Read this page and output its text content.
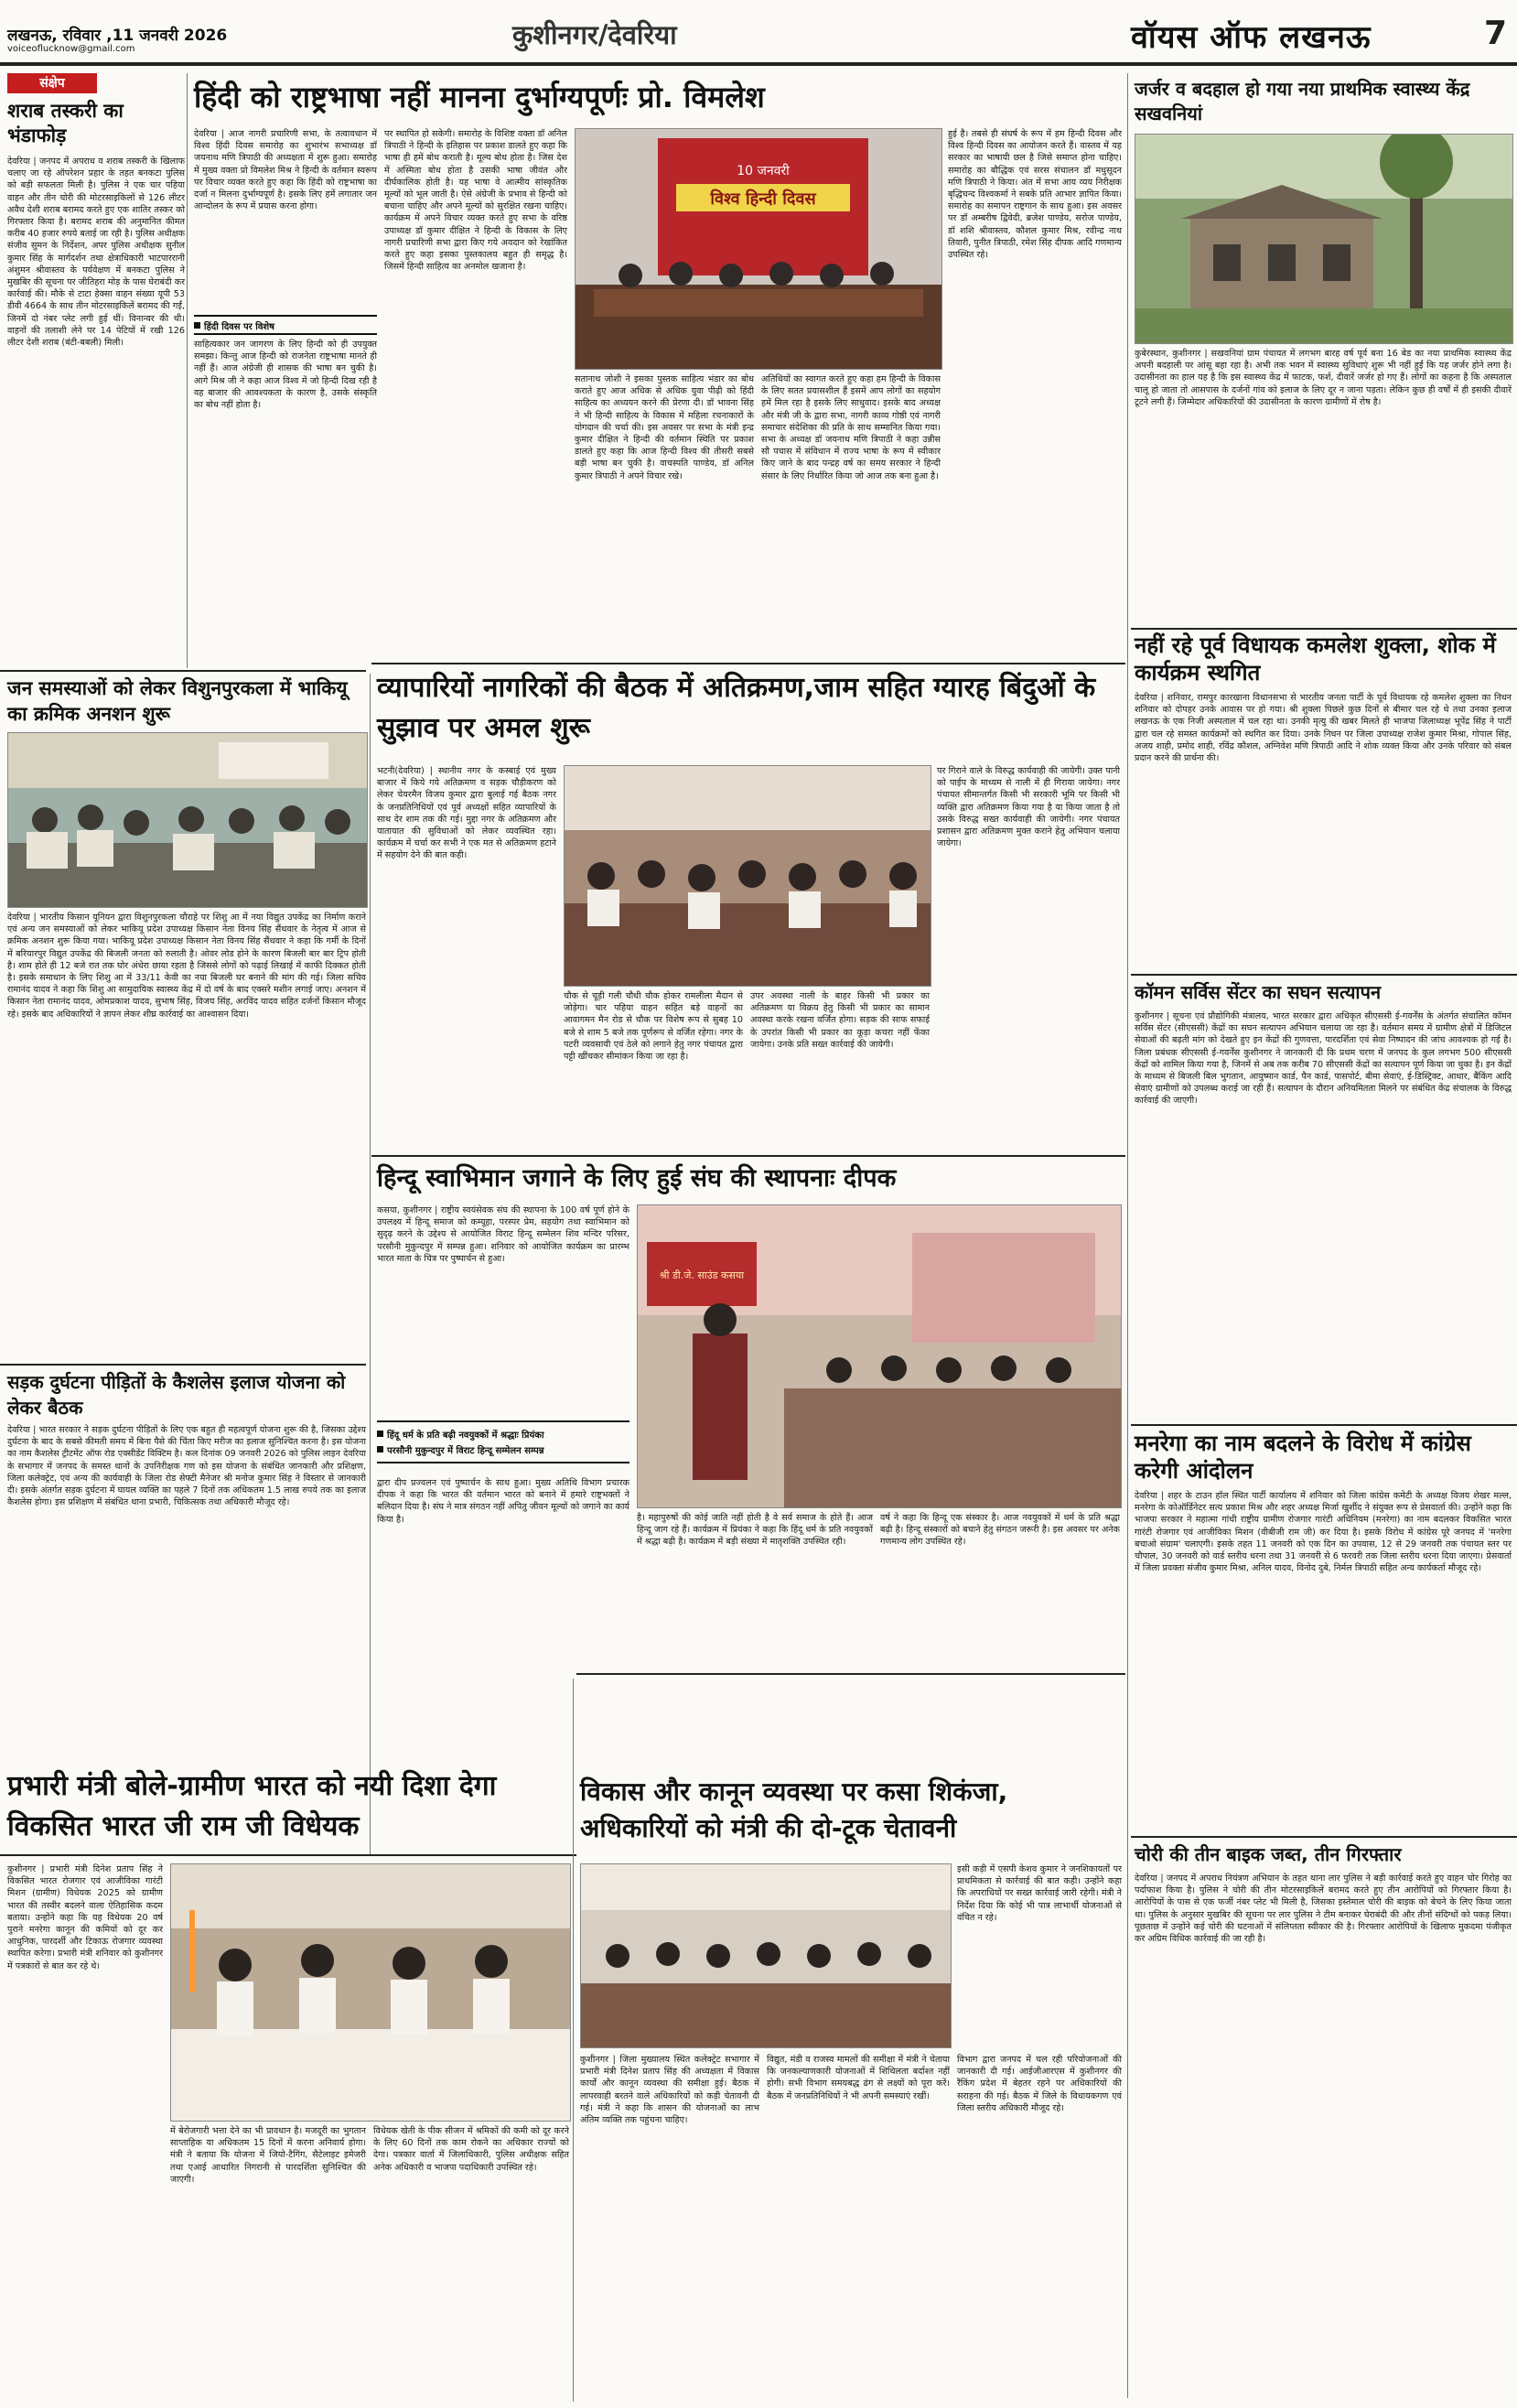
लखनऊ, रविवार ,11 जनवरी 2026
voiceoflucknow@gmail.com	कुशीनगर/देवरिया	वॉयस ऑफ लखनऊ	7
संक्षेप
शराब तस्करी का भंडाफोड़
देवरिया | जनपद में अपराध व शराब तस्करी के खिलाफ चलाए जा रहे ऑपरेशन प्रहार के तहत बनकटा पुलिस को बड़ी सफलता मिली है। पुलिस ने एक चार पहिया वाहन और तीन चोरी की मोटरसाइकिलों से 126 लीटर अवैध देशी शराब बरामद करते हुए एक शातिर तस्कर को गिरफ्तार किया है। बरामद शराब की अनुमानित कीमत करीब 40 हजार रुपये बताई जा रही है। पुलिस अधीक्षक संजीव सुमन के निर्देशन, अपर पुलिस अधीक्षक सुनील कुमार सिंह के मार्गदर्शन तथा क्षेत्राधिकारी भाटपाररानी अंशुमन श्रीवास्तव के पर्यवेक्षण में बनकटा पुलिस ने मुखबिर की सूचना पर जीतिहरा मोड़ के पास घेराबंदी कर कार्रवाई की। मौके से टाटा हेक्सा वाहन संख्या यूपी 53 डीवी 4664 के साथ तीन मोटरसाइकिलें बरामद की गईं, जिनमें दो नंबर प्लेट लगी हुई थीं। विनान्वर की थी। वाहनों की तलाशी लेने पर 14 पेटियों में रखी 126 लीटर देशी शराब (बंटी-बबली) मिली।
जन समस्याओं को लेकर विशुनपुरकला में भाकियू का क्रमिक अनशन शुरू
देवरिया | भारतीय किसान यूनियन द्वारा विशुनपुरकला चौराहे पर शिशु आ में नया विद्युत उपकेंद्र का निर्माण कराने एवं अन्य जन समस्याओं को लेकर भाकियू प्रदेश उपाध्यक्ष किसान नेता विनय सिंह सैंथवार के नेतृत्व में आज से क्रमिक अनशन शुरू किया गया। भाकियू प्रदेश उपाध्यक्ष किसान नेता विनय सिंह सैंथवार ने कहा कि गर्मी के दिनों में बरियारपुर विद्युत उपकेंद्र की बिजली जनता को रुलाती है। ओवर लोड होने के कारण बिजली बार बार ट्रिप होती है। शाम होते ही 12 बजे रात तक घोर अंधेरा छाया रहता है जिससे लोगों को पढ़ाई लिखाई में काफी दिक्कत होती है। इसके समाधान के लिए शिशु आ में 33/11 केवी का नया बिजली घर बनाने की मांग की गई। जिला सचिव रामानंद यादव ने कहा कि शिशु आ सामुदायिक स्वास्थ्य केंद्र में दो वर्ष के बाद एक्सरे मशीन लगाई जाए। अनशन में किसान नेता रामानंद यादव, ओमप्रकाश यादव, सुभाष सिंह, विजय सिंह, अरविंद यादव सहित दर्जनों किसान मौजूद रहे। इसके बाद अधिकारियों ने ज्ञापन लेकर शीघ्र कार्रवाई का आश्वासन दिया।
सड़क दुर्घटना पीड़ितों के कैशलेस इलाज योजना को लेकर बैठक
देवरिया | भारत सरकार ने सड़क दुर्घटना पीड़ितों के लिए एक बहुत ही महत्वपूर्ण योजना शुरू की है, जिसका उद्देश्य दुर्घटना के बाद के सबसे कीमती समय में बिना पैसे की चिंता किए मरीज का इलाज सुनिश्चित करना है। इस योजना का नाम कैशलेस ट्रीटमेंट ऑफ रोड एक्सीडेंट विक्टिम है। कल दिनांक 09 जनवरी 2026 को पुलिस लाइन देवरिया के सभागार में जनपद के समस्त थानों के उपनिरीक्षक गण को इस योजना के संबंधित जानकारी और प्रशिक्षण, जिला कलेक्ट्रेट, एवं अन्य की कार्यवाही के जिला रोड सेफ्टी मैनेजर श्री मनोज कुमार सिंह ने विस्तार से जानकारी दी। इसके अंतर्गत सड़क दुर्घटना में घायल व्यक्ति का पहले 7 दिनों तक अधिकतम 1.5 लाख रुपये तक का इलाज कैशलेस होगा। इस प्रशिक्षण में संबंधित थाना प्रभारी, चिकित्सक तथा अधिकारी मौजूद रहे।
हिंदी को राष्ट्रभाषा नहीं मानना दुर्भाग्यपूर्णः प्रो. विमलेश
देवरिया | आज नागरी प्रचारिणी सभा, के तत्वावधान में विश्व हिंदी दिवस समारोह का शुभारंभ सभाध्यक्ष डॉ जयनाथ मणि त्रिपाठी की अध्यक्षता में शुरू हुआ। समारोह में मुख्य वक्ता प्रो विमलेश मिश्र ने हिन्दी के वर्तमान स्वरूप पर विचार व्यक्त करते हुए कहा कि हिंदी को राष्ट्रभाषा का दर्जा न मिलना दुर्भाग्यपूर्ण है। इसके लिए हमें लगातार जन आन्दोलन के रूप में प्रयास करना होगा।
हिंदी दिवस पर विशेष
साहित्यकार जन जागरण के लिए हिन्दी को ही उपयुक्त समझा। किन्तु आज हिन्दी को राजनेता राष्ट्रभाषा मानते ही नहीं हैं। आज अंग्रेजी ही शासक की भाषा बन चुकी है। आगे मिश्र जी ने कहा आज विश्व में जो हिन्दी दिख रही है वह बाजार की आवश्यकता के कारण है, उसके संस्कृति का बोध नहीं होता है।
पर स्थापित हो सकेगी। समारोह के विशिष्ट वक्ता डॉ अनिल त्रिपाठी ने हिन्दी के इतिहास पर प्रकाश डालते हुए कहा कि भाषा ही हमें बोध कराती है। मूल्य बोध होता है। जिस देश में अस्मिता बोध होता है उसकी भाषा जीवंत और दीर्घकालिक होती है। यह भाषा वे आत्मीय सांस्कृतिक मूल्यों को भूल जाती है। ऐसे अंग्रेजी के प्रभाव से हिन्दी को बचाना चाहिए और अपने मूल्यों को सुरक्षित रखना चाहिए। कार्यक्रम में अपने विचार व्यक्त करते हुए सभा के वरिष्ठ उपाध्यक्ष डॉ कुमार दीक्षित ने हिन्दी के विकास के लिए नागरी प्रचारिणी सभा द्वारा किए गये अवदान को रेखांकित करते हुए कहा इसका पुस्तकालय बहुत ही समृद्ध है। जिसमें हिन्दी साहित्य का अनमोल खजाना है।
विश्व हिन्दी दिवस
10 जनवरी
सतानाथ जोशी ने इसका पुस्तक साहित्य भंडार का बोध कराते हुए आज अधिक से अधिक युवा पीढ़ी को हिंदी साहित्य का अध्ययन करने की प्रेरणा दी। डॉ भावना सिंह ने भी हिन्दी साहित्य के विकास में महिला रचनाकारों के योगदान की चर्चा की। इस अवसर पर सभा के मंत्री इन्द्र कुमार दीक्षित ने हिन्दी की वर्तमान स्थिति पर प्रकाश डालते हुए कहा कि आज हिन्दी विश्व की तीसरी सबसे बड़ी भाषा बन चुकी है। वाचस्पति पाण्डेय, डॉ अनिल कुमार त्रिपाठी ने अपने विचार रखे।
अतिथियों का स्वागत करते हुए कहा हम हिन्दी के विकास के लिए सतत प्रयासशील हैं इसमें आप लोगों का सहयोग हमें मिल रहा है इसके लिए साधुवाद। इसके बाद अध्यक्ष और मंत्री जी के द्वारा सभा, नागरी काव्य गोष्ठी एवं नागरी समाचार संदेशिका की प्रति के साथ सम्मानित किया गया। सभा के अध्यक्ष डॉ जयनाथ मणि त्रिपाठी ने कहा उन्नीस सौ पचास में संविधान में राज्य भाषा के रूप में स्वीकार किए जाने के बाद पन्द्रह वर्ष का समय सरकार ने हिन्दी संसार के लिए निर्धारित किया जो आज तक बना हुआ है।
हुई है। तबसे ही संघर्ष के रूप में हम हिन्दी दिवस और विश्व हिन्दी दिवस का आयोजन करते हैं। वास्तव में यह सरकार का भाषायी छल है जिसे समाप्त होना चाहिए। समारोह का बौद्धिक एवं सरस संचालन डॉ मधुसूदन मणि त्रिपाठी ने किया। अंत में सभा आय व्यय निरीक्षक बृद्धिचन्द विश्वकर्मा ने सबके प्रति आभार ज्ञापित किया। समारोह का समापन राष्ट्रगान के साथ हुआ। इस अवसर पर डॉ अम्बरीष द्विवेदी, ब्रजेश पाण्डेय, सरोज पाण्डेय, डॉ शशि श्रीवास्तव, कौशल कुमार मिश्र, रवीन्द्र नाथ तिवारी, पुनीत त्रिपाठी, रमेश सिंह दीपक आदि गणमान्य उपस्थित रहे।
व्यापारियों नागरिकों की बैठक में अतिक्रमण,जाम सहित ग्यारह बिंदुओं के सुझाव पर अमल शुरू
भटनी(देवरिया) | स्थानीय नगर के कस्बाई एवं मुख्य बाजार में किये गये अतिक्रमण व सड़क चौड़ीकरण को लेकर चेयरमैन विजय कुमार द्वारा बुलाई गई बैठक नगर के जनप्रतिनिधियों एवं पूर्व अध्यक्षों सहित व्यापारियों के साथ देर शाम तक की गई। मुद्दा नगर के अतिक्रमण और यातायात की सुविधाओं को लेकर व्यवस्थित रहा। कार्यक्रम में चर्चा कर सभी ने एक मत से अतिक्रमण हटाने में सहयोग देने की बात कही।
चौक से चूड़ी गली चौधी चौक होकर रामलीला मैदान से जोड़ेगा। चार पहिया वाहन सहित बड़े वाहनों का आवागमन मैन रोड से चौक पर विशेष रूप से सुबह 10 बजे से शाम 5 बजे तक पूर्णरूप से वर्जित रहेगा। नगर के पटरी व्यवसायी एवं ठेले को लगाने हेतु नगर पंचायत द्वारा पट्टी खींचकर सीमांकन किया जा रहा है।
उपर अवस्था नाली के बाहर किसी भी प्रकार का अतिक्रमण या विक्रय हेतु किसी भी प्रकार का सामान अवस्था करके रखना वर्जित होगा। सड़क की साफ सफाई के उपरांत किसी भी प्रकार का कूड़ा कचरा नहीं फेंका जायेगा। उनके प्रति सख्त कार्रवाई की जायेगी।
पर गिराने वाले के विरुद्ध कार्यवाही की जायेगी। उक्त पानी को पाईप के माध्यम से नाली में ही गिराया जायेगा। नगर पंचायत सीमान्तर्गत किसी भी सरकारी भूमि पर किसी भी व्यक्ति द्वारा अतिक्रमण किया गया है या किया जाता है तो उसके विरुद्ध सख्त कार्यवाही की जायेगी। नगर पंचायत प्रशासन द्वारा अतिक्रमण मुक्त कराने हेतु अभियान चलाया जायेगा।
हिन्दू स्वाभिमान जगाने के लिए हुई संघ की स्थापनाः दीपक
कसया, कुशीनगर | राष्ट्रीय स्वयंसेवक संघ की स्थापना के 100 वर्ष पूर्ण होने के उपलक्ष्य में हिन्दू समाज को कम्यूहा, परस्पर प्रेम, सहयोग तथा स्वाभिमान को सुदृढ़ करने के उद्देश्य से आयोजित विराट हिन्दू सम्मेलन शिव मन्दिर परिसर, परसौनी मुकुन्दपुर में सम्पन्न हुआ। शनिवार को आयोजित कार्यक्रम का प्रारम्भ भारत माता के चित्र पर पुष्पार्चन से हुआ।
हिंदू धर्म के प्रति बढ़ी नवयुवकों में श्रद्धाः प्रियंका
परसौनी मुकुन्दपुर में विराट हिन्दू सम्मेलन सम्पन्न
द्वारा दीप प्रज्वलन एवं पुष्पार्चन के साथ हुआ। मुख्य अतिथि विभाग प्रचारक दीपक ने कहा कि भारत की वर्तमान भारत को बनाने में हमारे राष्ट्रभक्तों ने बलिदान दिया है। संघ ने मात्र संगठन नहीं अपितु जीवन मूल्यों को जगाने का कार्य किया है।
श्री डी.जे. साउंड कसया
है। महापुरुषों की कोई जाति नहीं होती है वे सर्व समाज के होते हैं। आज हिन्दू जाग रहे हैं। कार्यक्रम में प्रियंका ने कहा कि हिंदू धर्म के प्रति नवयुवकों में श्रद्धा बढ़ी है। कार्यक्रम में बड़ी संख्या में मातृशक्ति उपस्थित रही।
वर्ष ने कहा कि हिन्दू एक संस्कार है। आज नवयुवकों में धर्म के प्रति श्रद्धा बढ़ी है। हिन्दू संस्कारों को बचाने हेतु संगठन जरूरी है। इस अवसर पर अनेक गणमान्य लोग उपस्थित रहे।
प्रभारी मंत्री बोले-ग्रामीण भारत को नयी दिशा देगा विकसित भारत जी राम जी विधेयक
कुशीनगर | प्रभारी मंत्री दिनेश प्रताप सिंह ने विकसित भारत रोजगार एवं आजीविका गारंटी मिशन (ग्रामीण) विधेयक 2025 को ग्रामीण भारत की तस्वीर बदलने वाला ऐतिहासिक कदम बताया। उन्होंने कहा कि यह विधेयक 20 वर्ष पुराने मनरेगा कानून की कमियों को दूर कर आधुनिक, पारदर्शी और टिकाऊ रोजगार व्यवस्था स्थापित करेगा। प्रभारी मंत्री शनिवार को कुशीनगर में पत्रकारों से बात कर रहे थे।
में बेरोजगारी भत्ता देने का भी प्रावधान है। मजदूरी का भुगतान साप्ताहिक या अधिकतम 15 दिनों में करना अनिवार्य होगा। मंत्री ने बताया कि योजना में जियो-टैगिंग, सैटेलाइट इमेजरी तथा एआई आधारित निगरानी से पारदर्शिता सुनिश्चित की जाएगी।
विधेयक खेती के पीक सीजन में श्रमिकों की कमी को दूर करने के लिए 60 दिनों तक काम रोकने का अधिकार राज्यों को देगा। पत्रकार वार्ता में जिलाधिकारी, पुलिस अधीक्षक सहित अनेक अधिकारी व भाजपा पदाधिकारी उपस्थित रहे।
विकास और कानून व्यवस्था पर कसा शिकंजा, अधिकारियों को मंत्री की दो-टूक चेतावनी
कुशीनगर | जिला मुख्यालय स्थित कलेक्ट्रेट सभागार में प्रभारी मंत्री दिनेश प्रताप सिंह की अध्यक्षता में विकास कार्यों और कानून व्यवस्था की समीक्षा हुई। बैठक में लापरवाही बरतने वाले अधिकारियों को कड़ी चेतावनी दी गई। मंत्री ने कहा कि शासन की योजनाओं का लाभ अंतिम व्यक्ति तक पहुंचना चाहिए।
विद्युत, मंडी व राजस्व मामलों की समीक्षा में मंत्री ने चेताया कि जनकल्याणकारी योजनाओं में शिथिलता बर्दाश्त नहीं होगी। सभी विभाग समयबद्ध ढंग से लक्ष्यों को पूरा करें। बैठक में जनप्रतिनिधियों ने भी अपनी समस्याएं रखीं।
इसी कड़ी में एसपी केशव कुमार ने जनशिकायतों पर प्राथमिकता से कार्रवाई की बात कही। उन्होंने कहा कि अपराधियों पर सख्त कार्रवाई जारी रहेगी। मंत्री ने निर्देश दिया कि कोई भी पात्र लाभार्थी योजनाओं से वंचित न रहे।
विभाग द्वारा जनपद में चल रही परियोजनाओं की जानकारी दी गई। आईजीआरएस में कुशीनगर की रैंकिंग प्रदेश में बेहतर रहने पर अधिकारियों की सराहना की गई। बैठक में जिले के विधायकगण एवं जिला स्तरीय अधिकारी मौजूद रहे।
जर्जर व बदहाल हो गया नया प्राथमिक स्वास्थ्य केंद्र सखवनियां
कुबेरस्थान, कुशीनगर | सखवनियां ग्राम पंचायत में लगभग बारह वर्ष पूर्व बना 16 बेड का नया प्राथमिक स्वास्थ्य केंद्र अपनी बदहाली पर आंसू बहा रहा है। अभी तक भवन में स्वास्थ्य सुविधाएं शुरू भी नहीं हुईं कि यह जर्जर होने लगा है। उदासीनता का हाल यह है कि इस स्वास्थ्य केंद्र में फाटक, फर्श, दीवारें जर्जर हो गए हैं। लोगों का कहना है कि अस्पताल चालू हो जाता तो आसपास के दर्जनों गांव को इलाज के लिए दूर न जाना पड़ता। लेकिन कुछ ही वर्षों में ही इसकी दीवारें टूटने लगी हैं। जिम्मेदार अधिकारियों की उदासीनता के कारण ग्रामीणों में रोष है।
नहीं रहे पूर्व विधायक कमलेश शुक्ला, शोक में कार्यक्रम स्थगित
देवरिया | शनिवार, रामपुर कारखाना विधानसभा से भारतीय जनता पार्टी के पूर्व विधायक रहे कमलेश शुक्ला का निधन शनिवार को दोपहर उनके आवास पर हो गया। श्री शुक्ला पिछले कुछ दिनों से बीमार चल रहे थे तथा उनका इलाज लखनऊ के एक निजी अस्पताल में चल रहा था। उनकी मृत्यु की खबर मिलते ही भाजपा जिलाध्यक्ष भूपेंद्र सिंह ने पार्टी द्वारा चल रहे समस्त कार्यक्रमों को स्थगित कर दिया। उनके निधन पर जिला उपाध्यक्ष राजेश कुमार मिश्रा, गोपाल सिंह, अजय शाही, प्रमोद शाही, रविंद्र कौशल, अग्निवेश मणि त्रिपाठी आदि ने शोक व्यक्त किया और उनके परिवार को संबल प्रदान करने की प्रार्थना की।
कॉमन सर्विस सेंटर का सघन सत्यापन
कुशीनगर | सूचना एवं प्रौद्योगिकी मंत्रालय, भारत सरकार द्वारा अधिकृत सीएससी ई-गवर्नेंस के अंतर्गत संचालित कॉमन सर्विस सेंटर (सीएससी) केंद्रों का सघन सत्यापन अभियान चलाया जा रहा है। वर्तमान समय में ग्रामीण क्षेत्रों में डिजिटल सेवाओं की बढ़ती मांग को देखते हुए इन केंद्रों की गुणवत्ता, पारदर्शिता एवं सेवा निष्पादन की जांच आवश्यक हो गई है। जिला प्रबंधक सीएससी ई-गवर्नेंस कुशीनगर ने जानकारी दी कि प्रथम चरण में जनपद के कुल लगभग 500 सीएससी केंद्रों को शामिल किया गया है, जिनमें से अब तक करीब 70 सीएससी केंद्रों का सत्यापन पूर्ण किया जा चुका है। इन केंद्रों के माध्यम से बिजली बिल भुगतान, आयुष्मान कार्ड, पैन कार्ड, पासपोर्ट, बीमा सेवाएं, ई-डिस्ट्रिक्ट, आधार, बैंकिंग आदि सेवाएं ग्रामीणों को उपलब्ध कराई जा रही हैं। सत्यापन के दौरान अनियमितता मिलने पर संबंधित केंद्र संचालक के विरुद्ध कार्रवाई की जाएगी।
मनरेगा का नाम बदलने के विरोध में कांग्रेस करेगी आंदोलन
देवरिया | शहर के टाउन हॉल स्थित पार्टी कार्यालय में शनिवार को जिला कांग्रेस कमेटी के अध्यक्ष विजय शेखर मल्ल, मनरेगा के कोऑर्डिनेटर सत्य प्रकाश मिश्र और शहर अध्यक्ष मिर्जा खुर्शीद ने संयुक्त रूप से प्रेसवार्ता की। उन्होंने कहा कि भाजपा सरकार ने महात्मा गांधी राष्ट्रीय ग्रामीण रोजगार गारंटी अधिनियम (मनरेगा) का नाम बदलकर विकसित भारत गारंटी रोजगार एवं आजीविका मिशन (वीबीजी राम जी) कर दिया है। इसके विरोध में कांग्रेस पूरे जनपद में 'मनरेगा बचाओ संग्राम' चलाएगी। इसके तहत 11 जनवरी को एक दिन का उपवास, 12 से 29 जनवरी तक पंचायत स्तर पर चौपाल, 30 जनवरी को वार्ड स्तरीय धरना तथा 31 जनवरी से 6 फरवरी तक जिला स्तरीय धरना दिया जाएगा। प्रेसवार्ता में जिला प्रवक्ता संजीव कुमार मिश्रा, अनिल यादव, विनोद दुबे, निर्मल त्रिपाठी सहित अन्य कार्यकर्ता मौजूद रहे।
चोरी की तीन बाइक जब्त, तीन गिरफ्तार
देवरिया | जनपद में अपराध नियंत्रण अभियान के तहत थाना लार पुलिस ने बड़ी कार्रवाई करते हुए वाहन चोर गिरोह का पर्दाफाश किया है। पुलिस ने चोरी की तीन मोटरसाइकिलें बरामद करते हुए तीन आरोपियों को गिरफ्तार किया है। आरोपियों के पास से एक फर्जी नंबर प्लेट भी मिली है, जिसका इस्तेमाल चोरी की बाइक को बेचने के लिए किया जाता था। पुलिस के अनुसार मुखबिर की सूचना पर लार पुलिस ने टीम बनाकर घेराबंदी की और तीनों संदिग्धों को पकड़ लिया। पूछताछ में उन्होंने कई चोरी की घटनाओं में संलिप्तता स्वीकार की है। गिरफ्तार आरोपियों के खिलाफ मुकदमा पंजीकृत कर अग्रिम विधिक कार्रवाई की जा रही है।
